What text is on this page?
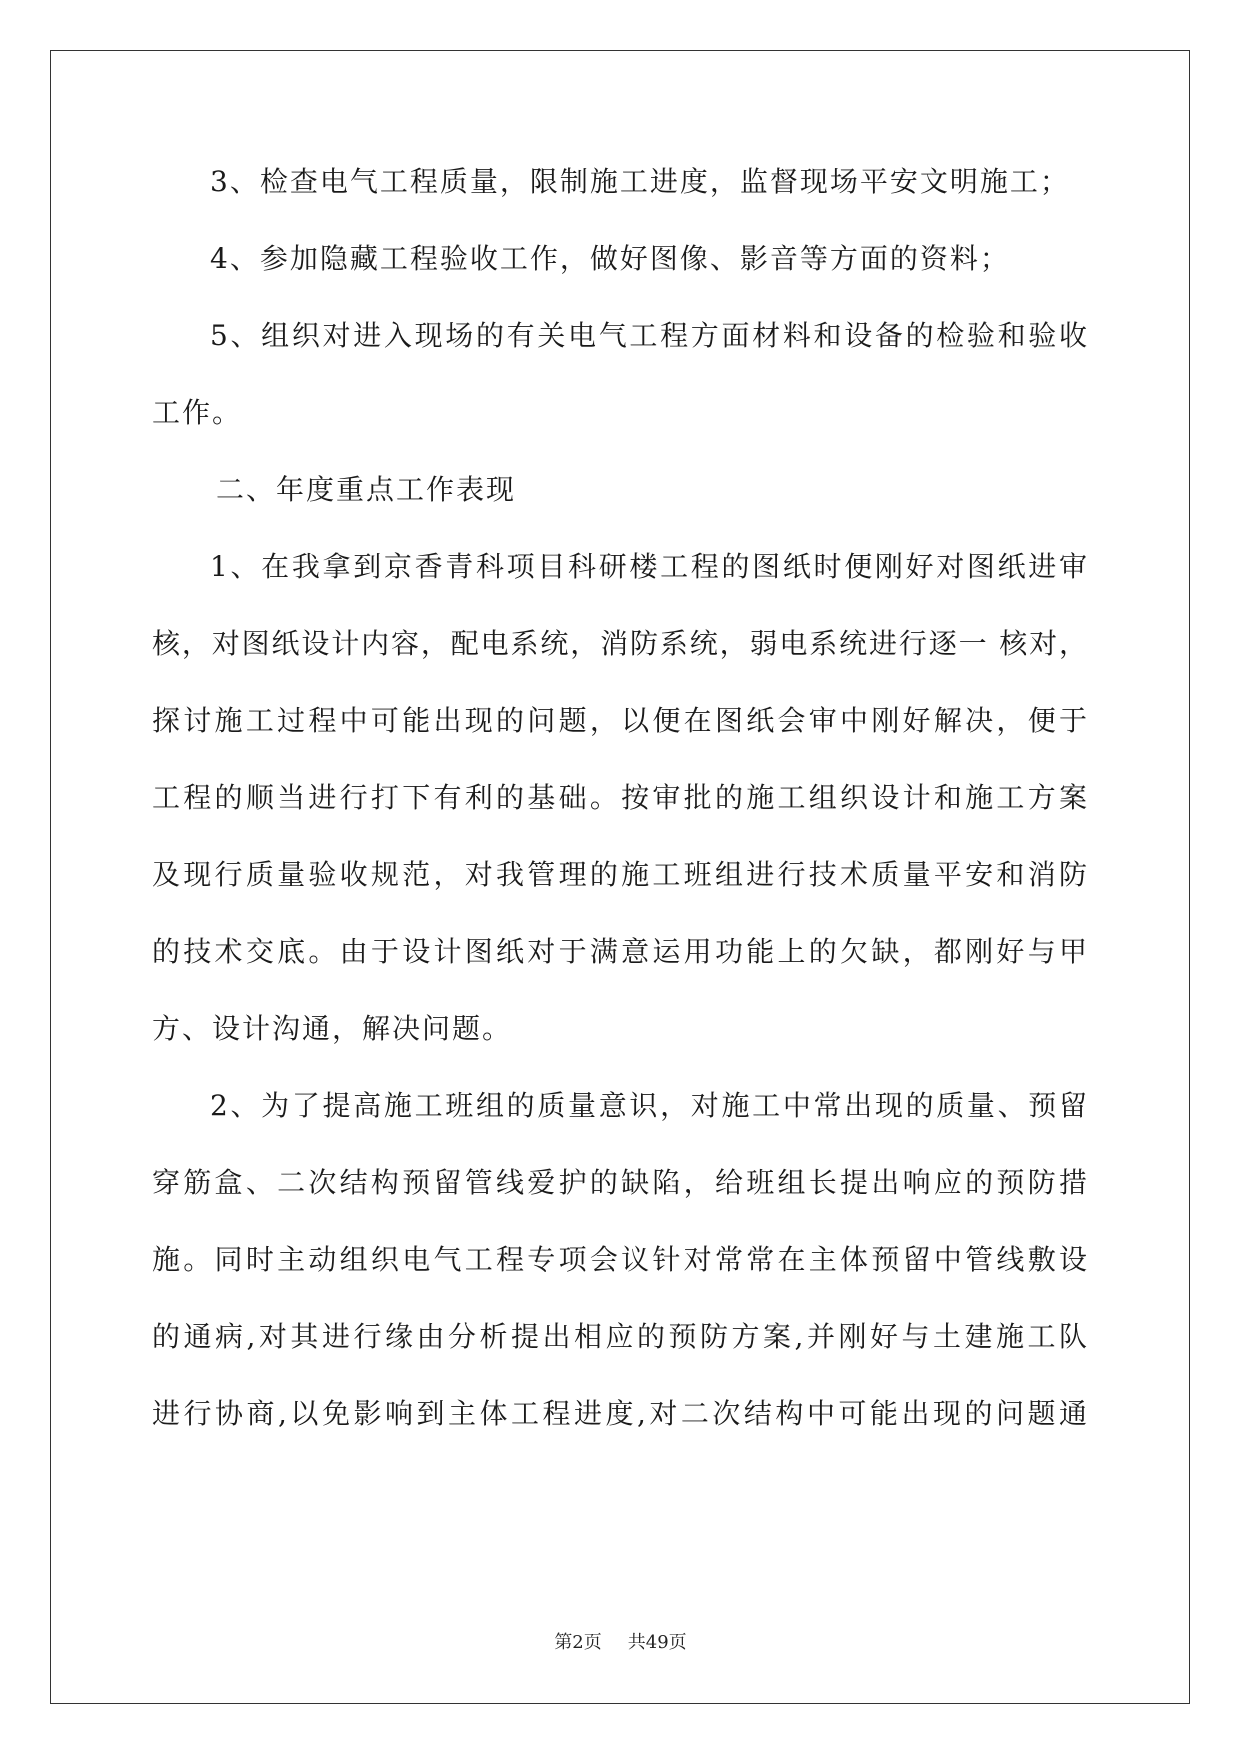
3、检查电气工程质量，限制施工进度，监督现场平安文明施工；
4、参加隐藏工程验收工作，做好图像、影音等方面的资料；
5、组织对进入现场的有关电气工程方面材料和设备的检验和验收
工作。
二、年度重点工作表现
1、在我拿到京香青科项目科研楼工程的图纸时便刚好对图纸进审
核，对图纸设计内容，配电系统，消防系统，弱电系统进行逐一 核对，
探讨施工过程中可能出现的问题，以便在图纸会审中刚好解决，便于
工程的顺当进行打下有利的基础。按审批的施工组织设计和施工方案
及现行质量验收规范，对我管理的施工班组进行技术质量平安和消防
的技术交底。由于设计图纸对于满意运用功能上的欠缺，都刚好与甲
方、设计沟通，解决问题。
2、为了提高施工班组的质量意识，对施工中常出现的质量、预留
穿筋盒、二次结构预留管线爱护的缺陷，给班组长提出响应的预防措
施。同时主动组织电气工程专项会议针对常常在主体预留中管线敷设
的通病,对其进行缘由分析提出相应的预防方案,并刚好与土建施工队
进行协商,以免影响到主体工程进度,对二次结构中可能出现的问题通
第2页 共49页
